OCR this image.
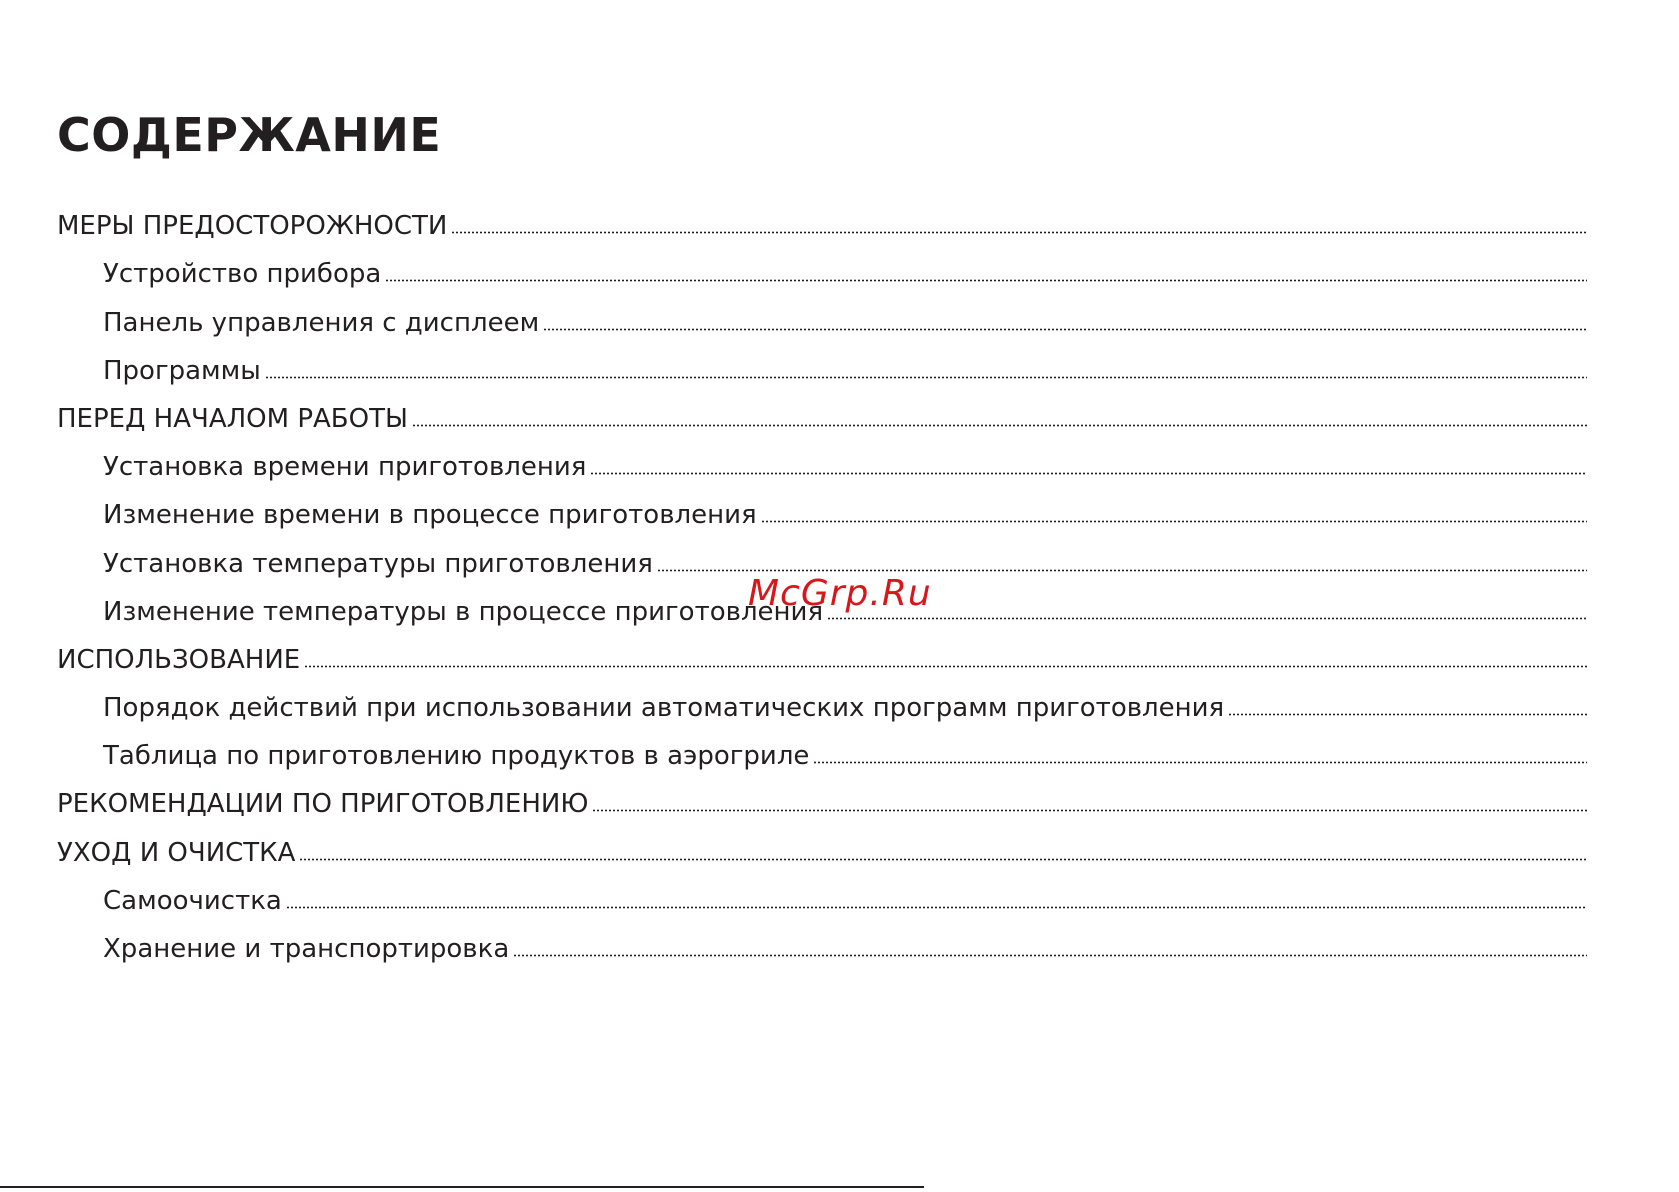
СОДЕРЖАНИЕ
МЕРЫ ПРЕДОСТОРОЖНОСТИ
Устройство прибора
Панель управления с дисплеем
Программы
ПЕРЕД НАЧАЛОМ РАБОТЫ
Установка времени приготовления
Изменение времени в процессе приготовления
Установка температуры приготовления
Изменение температуры в процессе приготовления
ИСПОЛЬЗОВАНИЕ
Порядок действий при использовании автоматических программ приготовления
Таблица по приготовлению продуктов в аэрогриле
РЕКОМЕНДАЦИИ ПО ПРИГОТОВЛЕНИЮ
УХОД И ОЧИСТКА
Самоочистка
Хранение и транспортировка
McGrp.Ru
